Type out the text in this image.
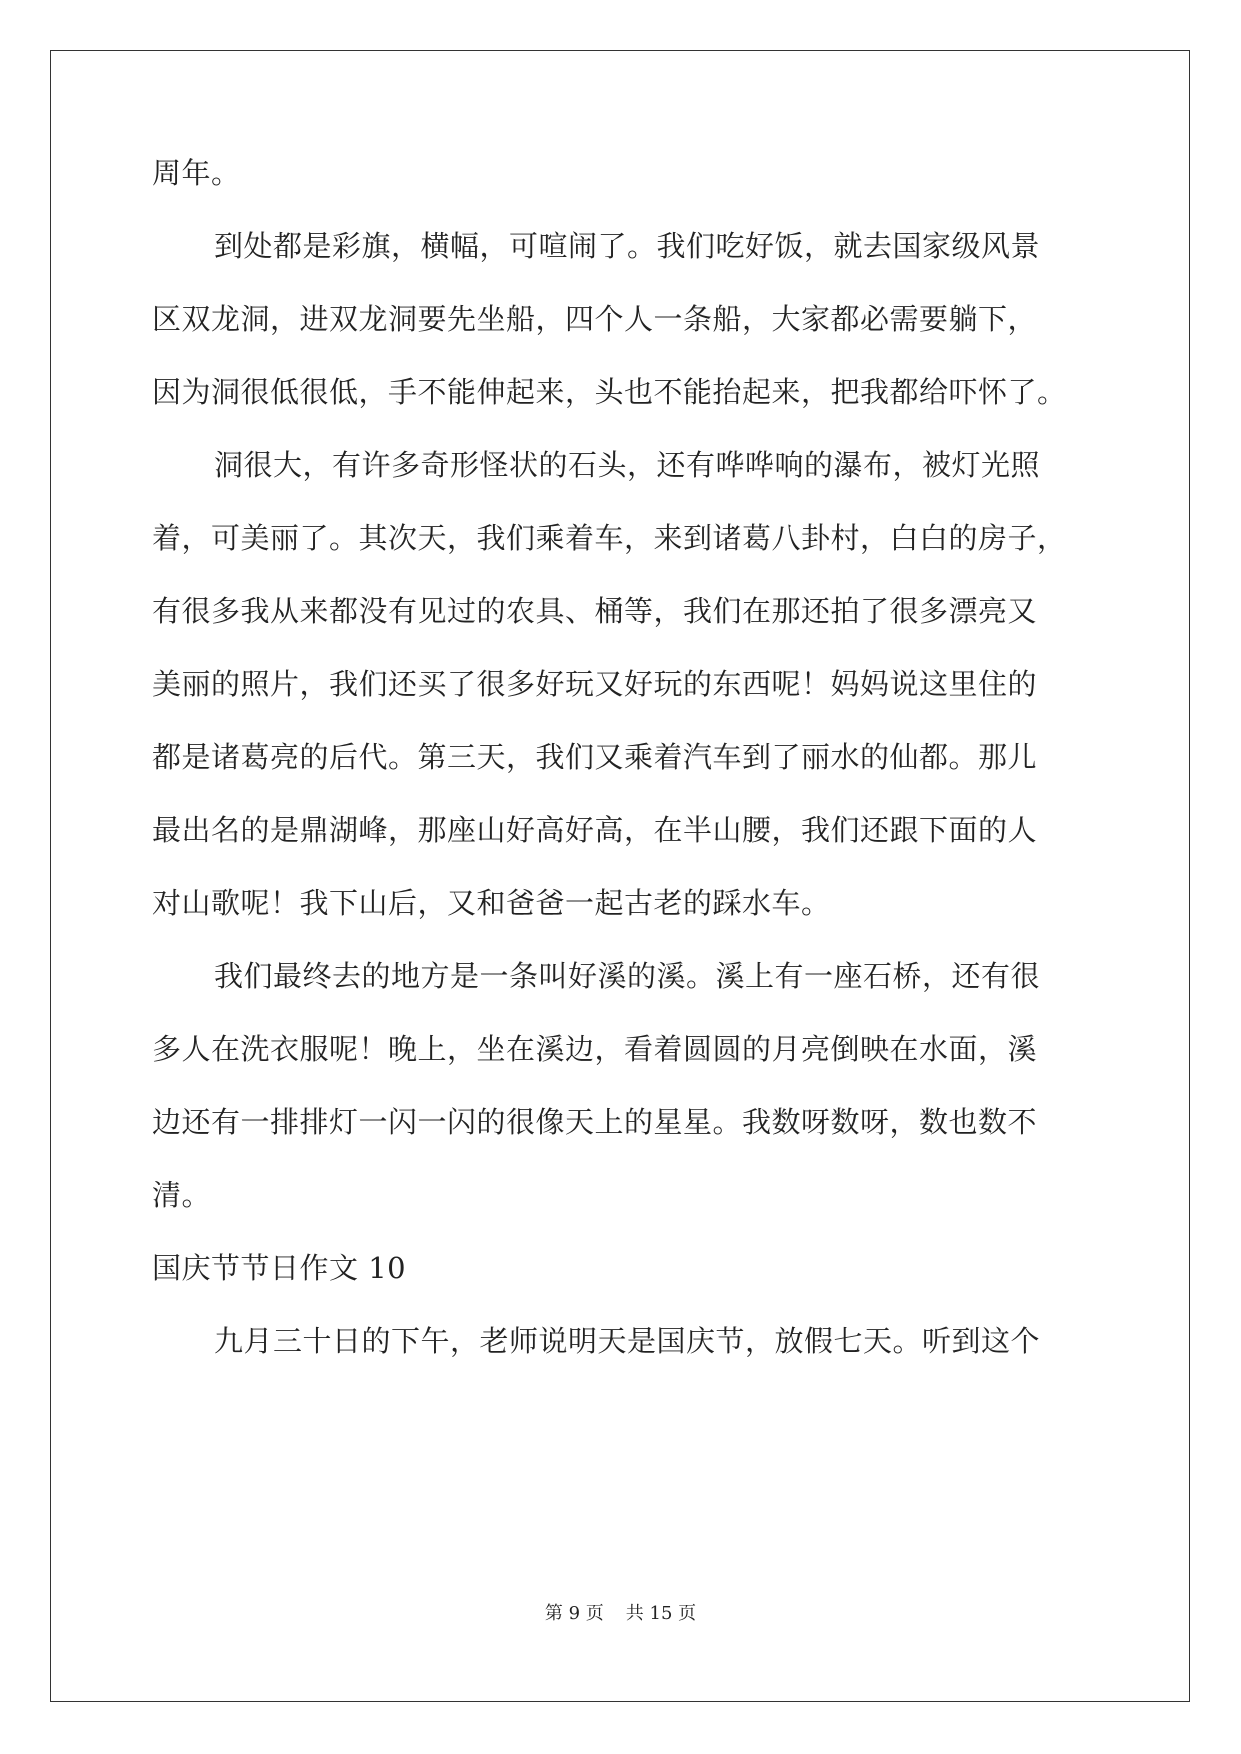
周年。
到处都是彩旗，横幅，可喧闹了。我们吃好饭，就去国家级风景
区双龙洞，进双龙洞要先坐船，四个人一条船，大家都必需要躺下，
因为洞很低很低，手不能伸起来，头也不能抬起来，把我都给吓怀了。
洞很大，有许多奇形怪状的石头，还有哗哗响的瀑布，被灯光照
着，可美丽了。其次天，我们乘着车，来到诸葛八卦村，白白的房子，
有很多我从来都没有见过的农具、桶等，我们在那还拍了很多漂亮又
美丽的照片，我们还买了很多好玩又好玩的东西呢！妈妈说这里住的
都是诸葛亮的后代。第三天，我们又乘着汽车到了丽水的仙都。那儿
最出名的是鼎湖峰，那座山好高好高，在半山腰，我们还跟下面的人
对山歌呢！我下山后，又和爸爸一起古老的踩水车。
我们最终去的地方是一条叫好溪的溪。溪上有一座石桥，还有很
多人在洗衣服呢！晚上，坐在溪边，看着圆圆的月亮倒映在水面，溪
边还有一排排灯一闪一闪的很像天上的星星。我数呀数呀，数也数不
清。
国庆节节日作文 10
九月三十日的下午，老师说明天是国庆节，放假七天。听到这个
第 9 页 共 15 页
